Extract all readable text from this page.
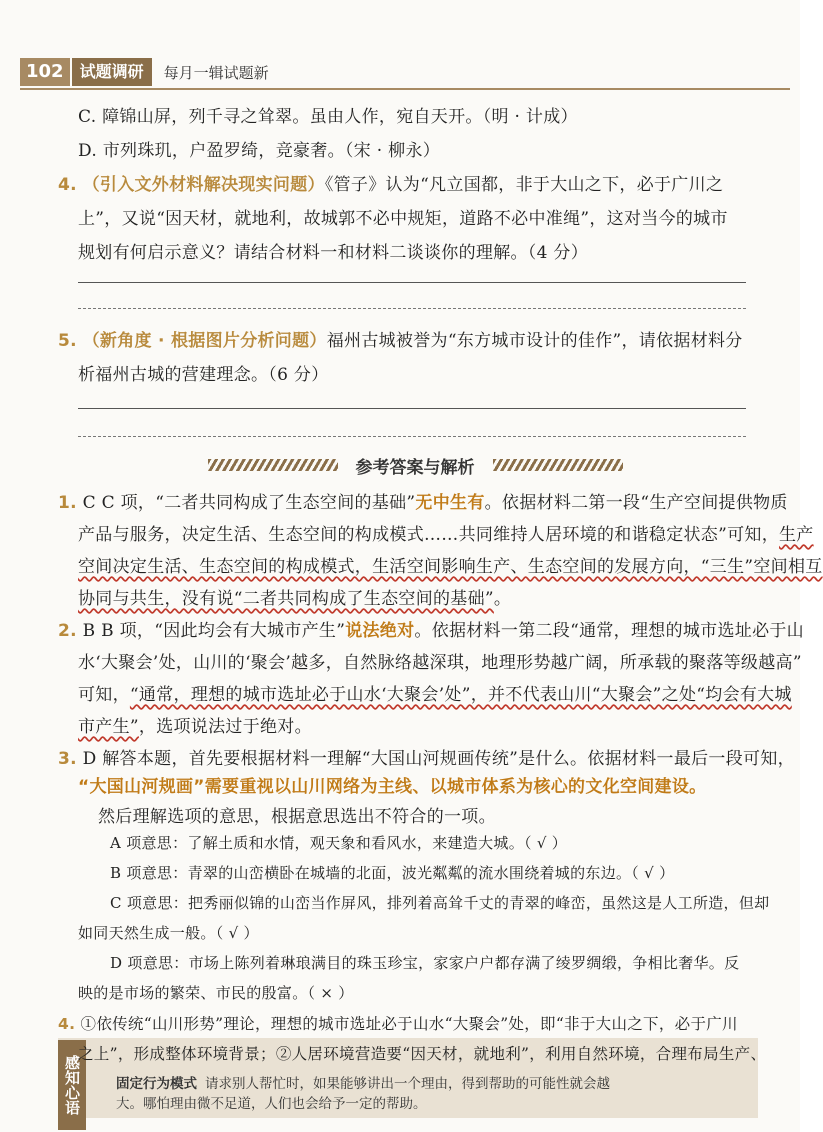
102	试题调研	每月一辑试题新
C. 障锦山屏，列千寻之耸翠。虽由人作，宛自天开。（明 · 计成）
D. 市列珠玑，户盈罗绮，竞豪奢。（宋 · 柳永）
4. （引入文外材料解决现实问题）《管子》认为“凡立国都，非于大山之下，必于广川之
上”，又说“因天材，就地利，故城郭不必中规矩，道路不必中准绳”，这对当今的城市
规划有何启示意义？请结合材料一和材料二谈谈你的理解。（4 分）
5. （新角度 · 根据图片分析问题）福州古城被誉为“东方城市设计的佳作”，请依据材料分
析福州古城的营建理念。（6 分）
参考答案与解析
1. C C 项，“二者共同构成了生态空间的基础”无中生有。依据材料二第一段“生产空间提供物质
产品与服务，决定生活、生态空间的构成模式……共同维持人居环境的和谐稳定状态”可知，生产
空间决定生活、生态空间的构成模式，生活空间影响生产、生态空间的发展方向，“三生”空间相互
协同与共生，没有说“二者共同构成了生态空间的基础”。
2. B B 项，“因此均会有大城市产生”说法绝对。依据材料一第二段“通常，理想的城市选址必于山
水‘大聚会’处，山川的‘聚会’越多，自然脉络越深琪，地理形势越广阔，所承载的聚落等级越高”
可知，“通常，理想的城市选址必于山水‘大聚会’处”，并不代表山川“大聚会”之处“均会有大城
市产生”，选项说法过于绝对。
3. D 解答本题，首先要根据材料一理解“大国山河规画传统”是什么。依据材料一最后一段可知，
“大国山河规画”需要重视以山川网络为主线、以城市体系为核心的文化空间建设。
然后理解选项的意思，根据意思选出不符合的一项。
A 项意思：了解土质和水情，观天象和看风水，来建造大城。（ √ ）
B 项意思：青翠的山峦横卧在城墙的北面，波光粼粼的流水围绕着城的东边。（ √ ）
C 项意思：把秀丽似锦的山峦当作屏风，排列着高耸千丈的青翠的峰峦，虽然这是人工所造，但却
如同天然生成一般。（ √ ）
D 项意思：市场上陈列着琳琅满目的珠玉珍宝，家家户户都存满了绫罗绸缎，争相比奢华。反
映的是市场的繁荣、市民的殷富。（ × ）
4. ①依传统“山川形势”理论，理想的城市选址必于山水“大聚会”处，即“非于大山之下，必于广川
之上”，形成整体环境背景；②人居环境营造要“因天材，就地利”，利用自然环境，合理布局生产、
感知心语	固定行为模式 请求别人帮忙时，如果能够讲出一个理由，得到帮助的可能性就会越
大。哪怕理由微不足道，人们也会给予一定的帮助。
